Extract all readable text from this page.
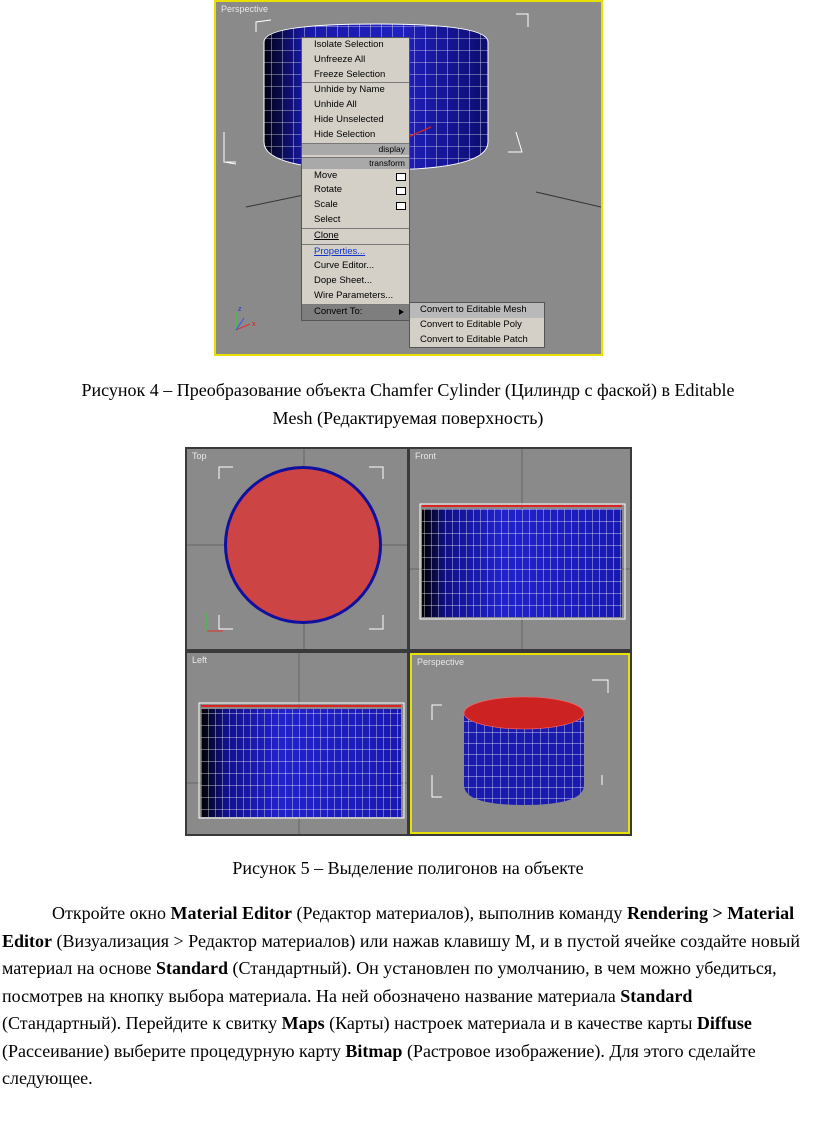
Perspective
z
x
Isolate Selection
Unfreeze All
Freeze Selection
Unhide by Name
Unhide All
Hide Unselected
Hide Selection
display
transform
Move
Rotate
Scale
Select
Clone
Properties...
Curve Editor...
Dope Sheet...
Wire Parameters...
Convert To:	Convert to Editable Mesh
Convert to Editable Poly
Convert to Editable Patch
Рисунок 4 – Преобразование объекта Chamfer Cylinder (Цилиндр с фаской) в Editable
Mesh (Редактируемая поверхность)
Top	Front
Left	Perspective
Рисунок 5 – Выделение полигонов на объекте
Откройте окно Material Editor (Редактор материалов), выполнив команду Rendering > Material Editor (Визуализация > Редактор материалов) или нажав клавишу M, и в пустой ячейке создайте новый материал на основе Standard (Стандартный). Он установлен по умолчанию, в чем можно убедиться, посмотрев на кнопку выбора материала. На ней обозначено название материала Standard (Стандартный). Перейдите к свитку Maps (Карты) настроек материала и в качестве карты Diffuse (Рассеивание) выберите процедурную карту Bitmap (Растровое изображение). Для этого сделайте следующее.
